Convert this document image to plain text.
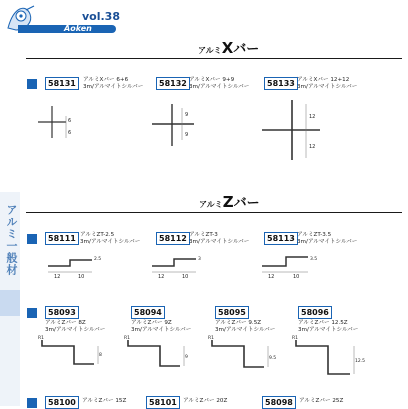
vol.38
Aoken
アルミ一般材
アルミXバー
58131	アルミXバー 6+6
3m/アルマイトシルバー
6
6
58132 アルミXバー 9+9
3m/アルマイトシルバー
9
9
58133 アルミXバー 12+12
3m/アルマイトシルバー
12
12
アルミZバー
58111 アルミZT-2.5
3m/アルマイトシルバー
12	10
2.5
58112 アルミZT-3
3m/アルマイトシルバー
12	10
3
58113 アルミZT-3.5
3m/アルマイトシルバー
12	10
3.5
58093
アルミZバー 8Z
3m/アルマイトシルバー
R1
8
58094
アルミZバー 9Z
3m/アルマイトシルバー
R1
9
58095
アルミZバー 9.5Z
3m/アルマイトシルバー
R1
9.5
58096
アルミZバー 12.5Z
3m/アルマイトシルバー
R1
12.5
58100	アルミZバー 15Z	58101	アルミZバー 20Z	58098	アルミZバー 25Z
